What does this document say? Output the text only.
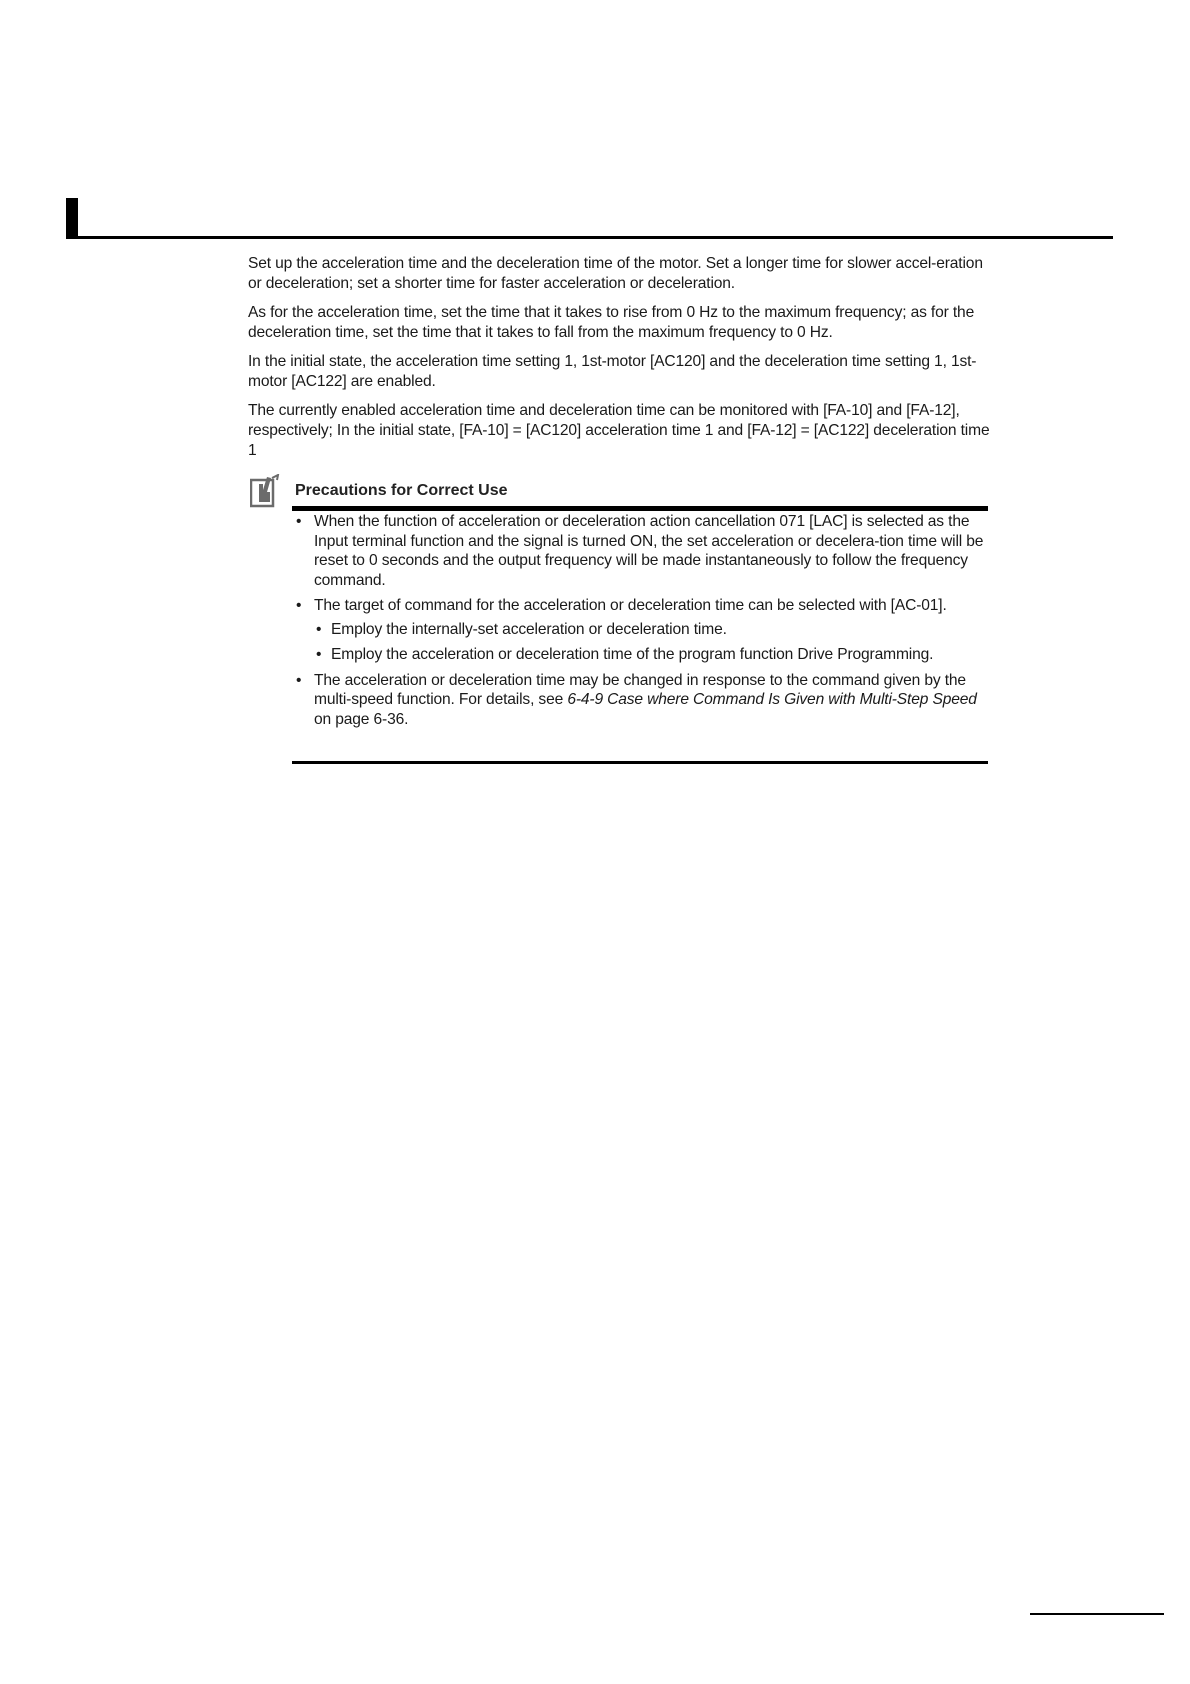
Set up the acceleration time and the deceleration time of the motor. Set a longer time for slower accel-eration or deceleration; set a shorter time for faster acceleration or deceleration.

As for the acceleration time, set the time that it takes to rise from 0 Hz to the maximum frequency; as for the deceleration time, set the time that it takes to fall from the maximum frequency to 0 Hz.

In the initial state, the acceleration time setting 1, 1st-motor [AC120] and the deceleration time setting 1, 1st-motor [AC122] are enabled.

The currently enabled acceleration time and deceleration time can be monitored with [FA-10] and [FA-12], respectively; In the initial state, [FA-10] = [AC120] acceleration time 1 and [FA-12] = [AC122] deceleration time 1

Precautions for Correct Use
• When the function of acceleration or deceleration action cancellation 071 [LAC] is selected as the Input terminal function and the signal is turned ON, the set acceleration or decelera-tion time will be reset to 0 seconds and the output frequency will be made instantaneously to follow the frequency command.
• The target of command for the acceleration or deceleration time can be selected with [AC-01].
• Employ the internally-set acceleration or deceleration time.
• Employ the acceleration or deceleration time of the program function Drive Programming.
• The acceleration or deceleration time may be changed in response to the command given by the multi-speed function. For details, see 6-4-9 Case where Command Is Given with Multi-Step Speed on page 6-36.
